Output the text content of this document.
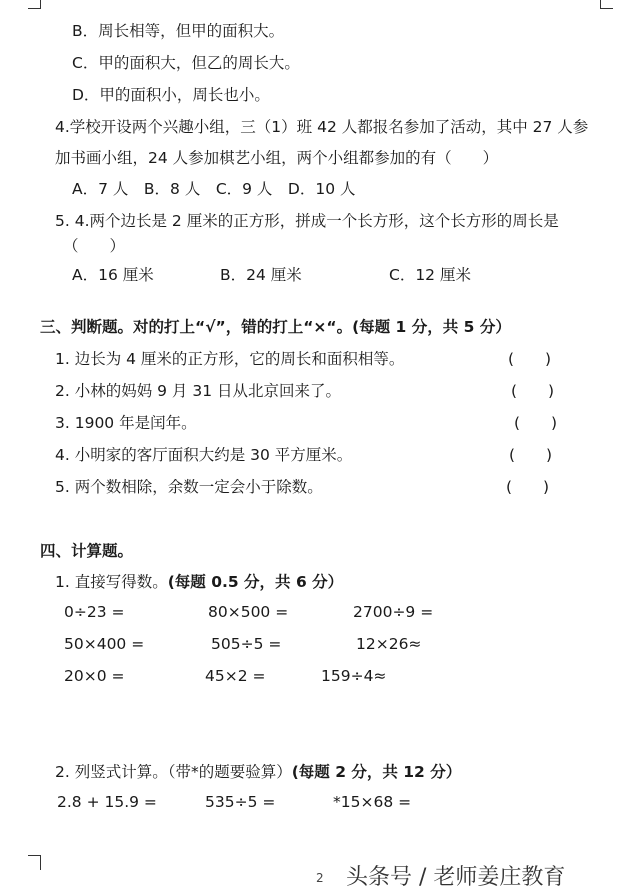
B．周长相等，但甲的面积大。
C．甲的面积大，但乙的周长大。
D．甲的面积小，周长也小。
4.学校开设两个兴趣小组，三（1）班 42 人都报名参加了活动，其中 27 人参
加书画小组，24 人参加棋艺小组，两个小组都参加的有（　　）
A．7 人　B．8 人　C．9 人　D．10 人
5. 4.两个边长是 2 厘米的正方形，拼成一个长方形，这个长方形的周长是
（　　）
A．16 厘米	B．24 厘米	C．12 厘米
三、判断题。对的打上“√”，错的打上“×“。(每题 1 分，共 5 分）
1. 边长为 4 厘米的正方形，它的周长和面积相等。	(　　)
2. 小林的妈妈 9 月 31 日从北京回来了。	(　　)
3. 1900 年是闰年。	(　　)
4. 小明家的客厅面积大约是 30 平方厘米。	(　　)
5. 两个数相除，余数一定会小于除数。	(　　)
四、计算题。
1. 直接写得数。(每题 0.5 分，共 6 分）
0÷23 =	80×500 =	2700÷9 =
50×400 =	505÷5 =	12×26≈
20×0 =	45×2 =	159÷4≈
2. 列竖式计算。（带*的题要验算）(每题 2 分，共 12 分）
2.8 + 15.9 =	535÷5 =	*15×68 =
2 头条号 / 老师姜庄教育
